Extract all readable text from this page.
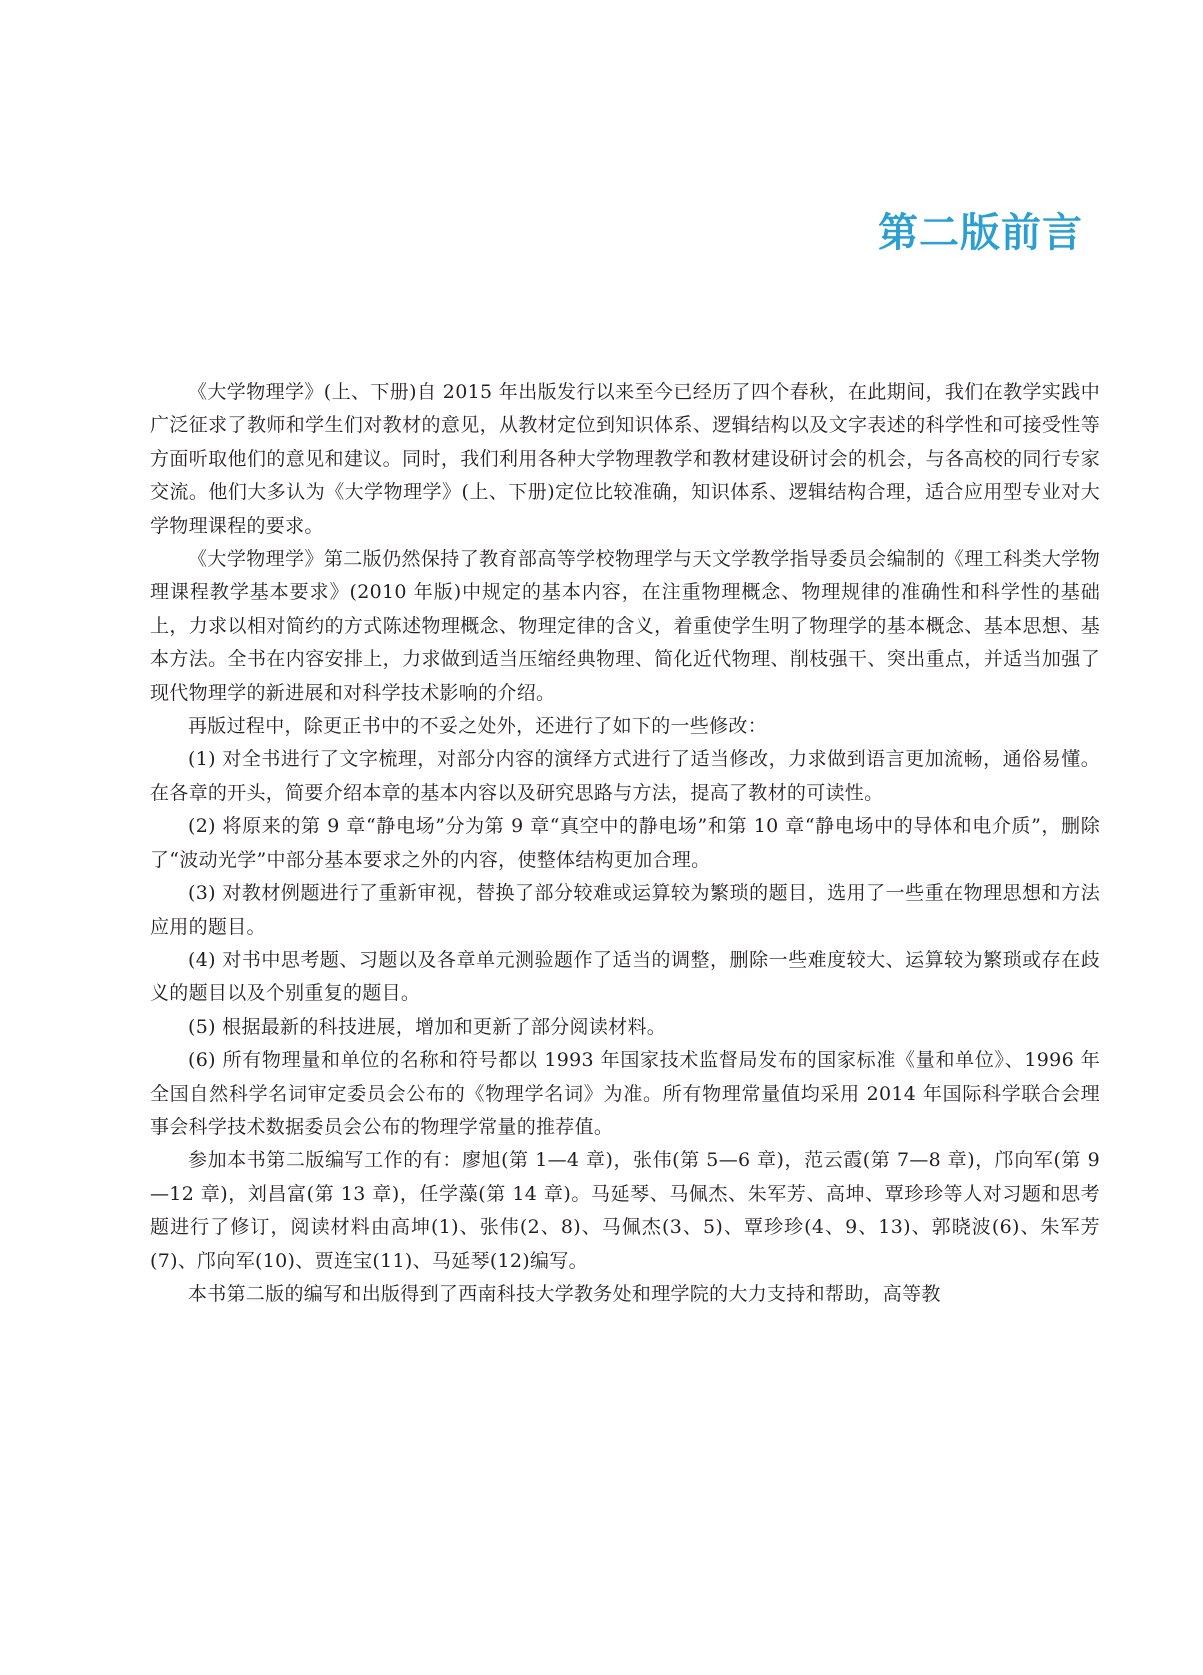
第二版前言

《大学物理学》(上、下册)自 2015 年出版发行以来至今已经历了四个春秋，在此期间，我们在教学实践中广泛征求了教师和学生们对教材的意见，从教材定位到知识体系、逻辑结构以及文字表述的科学性和可接受性等方面听取他们的意见和建议。同时，我们利用各种大学物理教学和教材建设研讨会的机会，与各高校的同行专家交流。他们大多认为《大学物理学》(上、下册)定位比较准确，知识体系、逻辑结构合理，适合应用型专业对大学物理课程的要求。

《大学物理学》第二版仍然保持了教育部高等学校物理学与天文学教学指导委员会编制的《理工科类大学物理课程教学基本要求》(2010 年版)中规定的基本内容，在注重物理概念、物理规律的准确性和科学性的基础上，力求以相对简约的方式陈述物理概念、物理定律的含义，着重使学生明了物理学的基本概念、基本思想、基本方法。全书在内容安排上，力求做到适当压缩经典物理、简化近代物理、削枝强干、突出重点，并适当加强了现代物理学的新进展和对科学技术影响的介绍。

再版过程中，除更正书中的不妥之处外，还进行了如下的一些修改：

(1) 对全书进行了文字梳理，对部分内容的演绎方式进行了适当修改，力求做到语言更加流畅，通俗易懂。在各章的开头，简要介绍本章的基本内容以及研究思路与方法，提高了教材的可读性。

(2) 将原来的第 9 章“静电场”分为第 9 章“真空中的静电场”和第 10 章“静电场中的导体和电介质”，删除了“波动光学”中部分基本要求之外的内容，使整体结构更加合理。

(3) 对教材例题进行了重新审视，替换了部分较难或运算较为繁琐的题目，选用了一些重在物理思想和方法应用的题目。

(4) 对书中思考题、习题以及各章单元测验题作了适当的调整，删除一些难度较大、运算较为繁琐或存在歧义的题目以及个别重复的题目。

(5) 根据最新的科技进展，增加和更新了部分阅读材料。

(6) 所有物理量和单位的名称和符号都以 1993 年国家技术监督局发布的国家标准《量和单位》、1996 年全国自然科学名词审定委员会公布的《物理学名词》为准。所有物理常量值均采用 2014 年国际科学联合会理事会科学技术数据委员会公布的物理学常量的推荐值。

参加本书第二版编写工作的有：廖旭(第 1—4 章)，张伟(第 5—6 章)，范云霞(第 7—8 章)，邝向军(第 9—12 章)，刘昌富(第 13 章)，任学藻(第 14 章)。马延琴、马佩杰、朱军芳、高坤、覃珍珍等人对习题和思考题进行了修订，阅读材料由高坤(1)、张伟(2、8)、马佩杰(3、5)、覃珍珍(4、9、13)、郭晓波(6)、朱军芳(7)、邝向军(10)、贾连宝(11)、马延琴(12)编写。

本书第二版的编写和出版得到了西南科技大学教务处和理学院的大力支持和帮助，高等教
